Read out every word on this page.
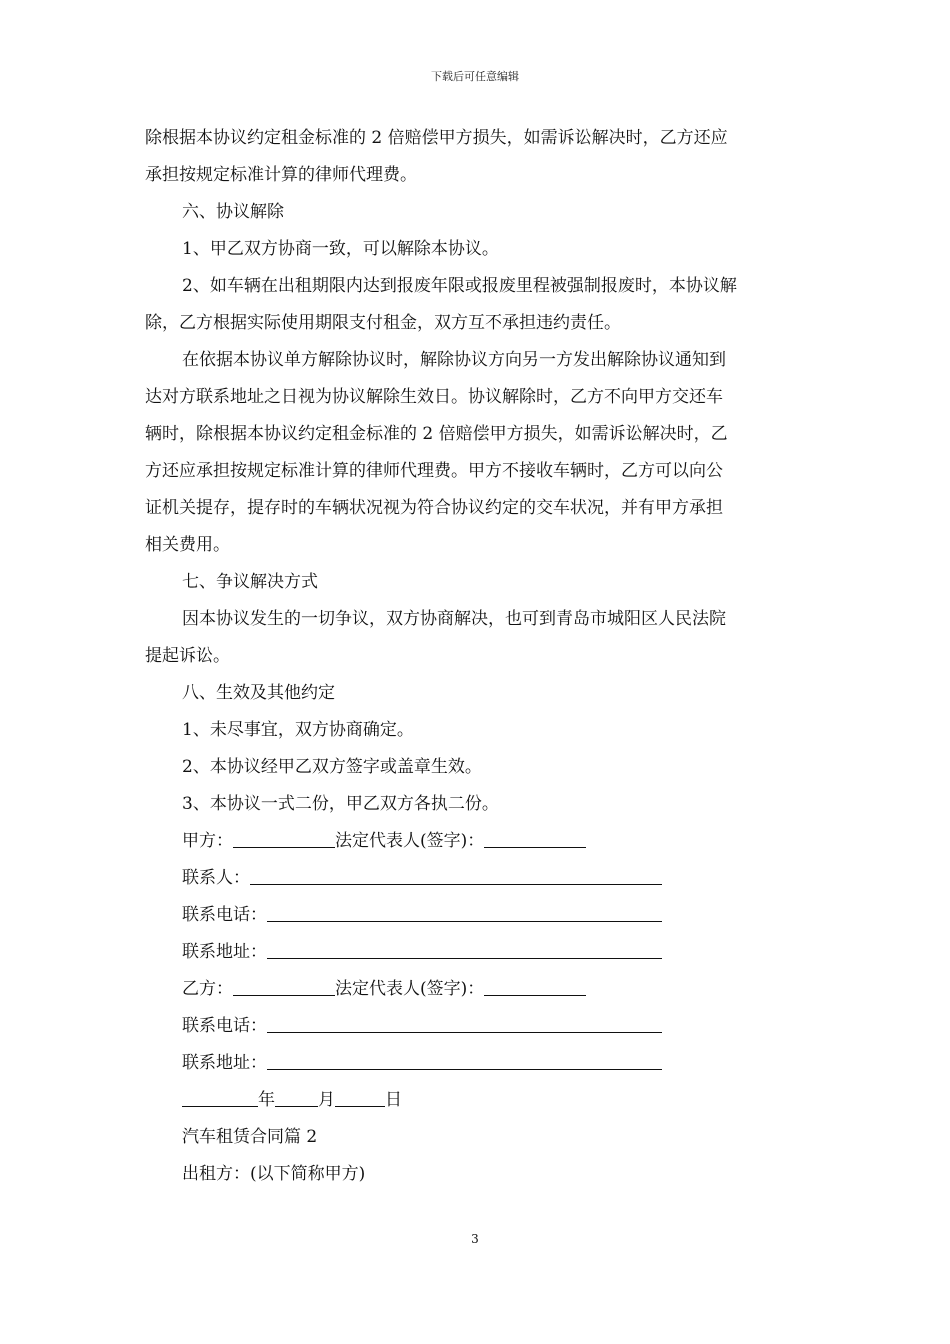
下载后可任意编辑
除根据本协议约定租金标准的 2 倍赔偿甲方损失，如需诉讼解决时，乙方还应
承担按规定标准计算的律师代理费。
六、协议解除
1、甲乙双方协商一致，可以解除本协议。
2、如车辆在出租期限内达到报废年限或报废里程被强制报废时，本协议解
除，乙方根据实际使用期限支付租金，双方互不承担违约责任。
在依据本协议单方解除协议时，解除协议方向另一方发出解除协议通知到
达对方联系地址之日视为协议解除生效日。协议解除时，乙方不向甲方交还车
辆时，除根据本协议约定租金标准的 2 倍赔偿甲方损失，如需诉讼解决时，乙
方还应承担按规定标准计算的律师代理费。甲方不接收车辆时，乙方可以向公
证机关提存，提存时的车辆状况视为符合协议约定的交车状况，并有甲方承担
相关费用。
七、争议解决方式
因本协议发生的一切争议，双方协商解决，也可到青岛市城阳区人民法院
提起诉讼。
八、生效及其他约定
1、未尽事宜，双方协商确定。
2、本协议经甲乙双方签字或盖章生效。
3、本协议一式二份，甲乙双方各执二份。
甲方：	法定代表人(签字)：
联系人：
联系电话：
联系地址：
乙方：	法定代表人(签字)：
联系电话：
联系地址：
年	月	日
汽车租赁合同篇 2
出租方：(以下简称甲方)
3
